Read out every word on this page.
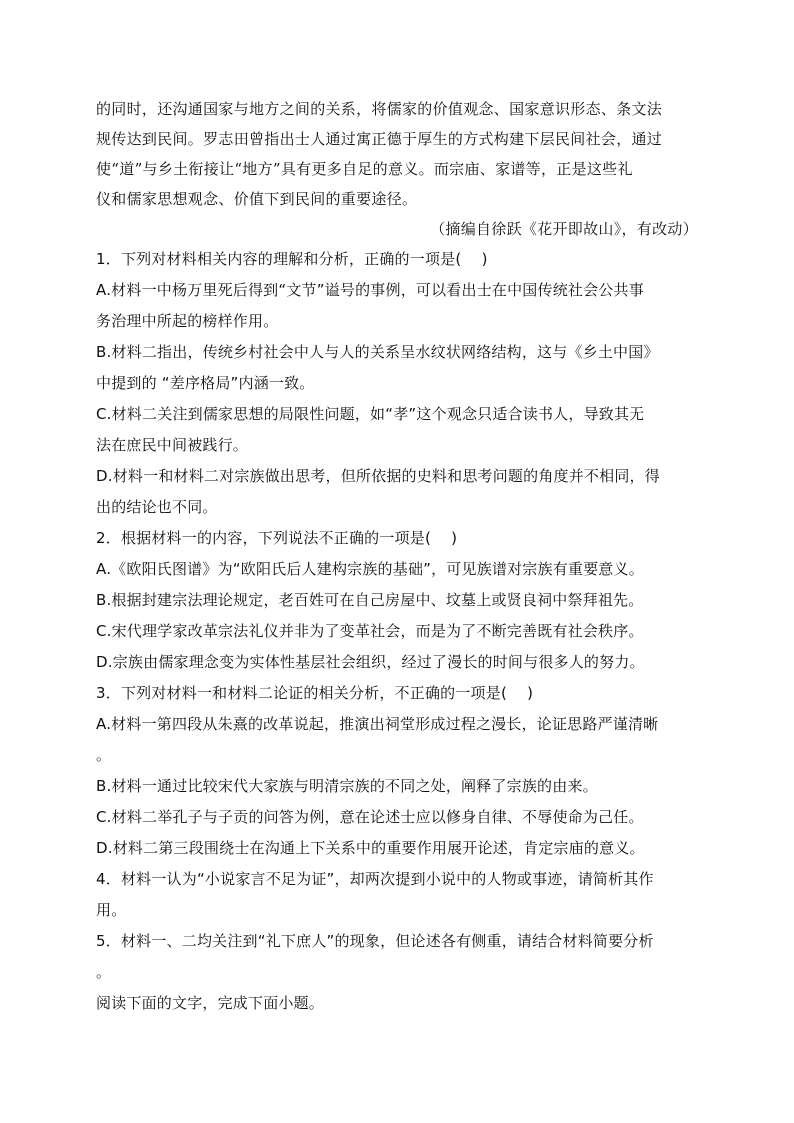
的同时，还沟通国家与地方之间的关系，将儒家的价值观念、国家意识形态、条文法

规传达到民间。罗志田曾指出士人通过寓正德于厚生的方式构建下层民间社会，通过

使“道”与乡土衔接让“地方”具有更多自足的意义。而宗庙、家谱等，正是这些礼

仪和儒家思想观念、价值下到民间的重要途径。

（摘编自徐跃《花开即故山》，有改动）

1．下列对材料相关内容的理解和分析，正确的一项是(　 )

A.材料一中杨万里死后得到“文节”谥号的事例，可以看出士在中国传统社会公共事

务治理中所起的榜样作用。

B.材料二指出，传统乡村社会中人与人的关系呈水纹状网络结构，这与《乡土中国》

中提到的 “差序格局”内涵一致。

C.材料二关注到儒家思想的局限性问题，如“孝”这个观念只适合读书人，导致其无

法在庶民中间被践行。

D.材料一和材料二对宗族做出思考，但所依据的史料和思考问题的角度并不相同，得

出的结论也不同。

2．根据材料一的内容，下列说法不正确的一项是(　 )

A.《欧阳氏图谱》为“欧阳氏后人建构宗族的基础”，可见族谱对宗族有重要意义。

B.根据封建宗法理论规定，老百姓可在自己房屋中、坟墓上或贤良祠中祭拜祖先。

C.宋代理学家改革宗法礼仪并非为了变革社会，而是为了不断完善既有社会秩序。

D.宗族由儒家理念变为实体性基层社会组织，经过了漫长的时间与很多人的努力。

3．下列对材料一和材料二论证的相关分析，不正确的一项是(　 )

A.材料一第四段从朱熹的改革说起，推演出祠堂形成过程之漫长，论证思路严谨清晰

。

B.材料一通过比较宋代大家族与明清宗族的不同之处，阐释了宗族的由来。

C.材料二举孔子与子贡的问答为例，意在论述士应以修身自律、不辱使命为己任。

D.材料二第三段围绕士在沟通上下关系中的重要作用展开论述，肯定宗庙的意义。

4．材料一认为“小说家言不足为证”，却两次提到小说中的人物或事迹，请简析其作

用。

5．材料一、二均关注到“礼下庶人”的现象，但论述各有侧重，请结合材料简要分析

。

阅读下面的文字，完成下面小题。
